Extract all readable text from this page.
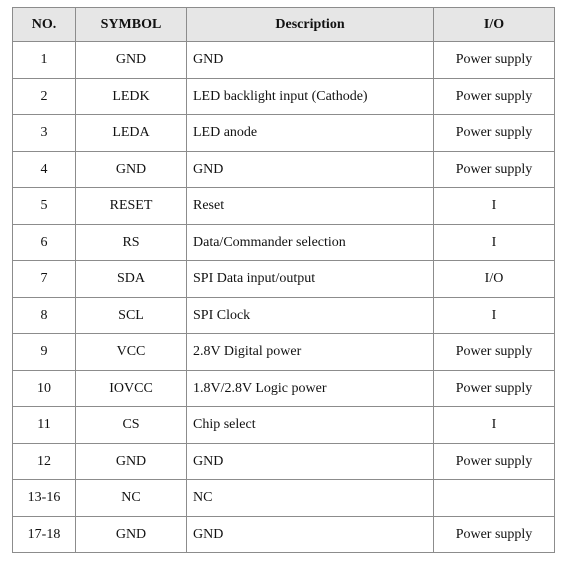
NO.	SYMBOL	Description	I/O
1	GND	GND	Power supply
2	LEDK	LED backlight input (Cathode)	Power supply
3	LEDA	LED anode	Power supply
4	GND	GND	Power supply
5	RESET	Reset	I
6	RS	Data/Commander selection	I
7	SDA	SPI Data input/output	I/O
8	SCL	SPI Clock	I
9	VCC	2.8V Digital power	Power supply
10	IOVCC	1.8V/2.8V Logic power	Power supply
11	CS	Chip select	I
12	GND	GND	Power supply
13-16	NC	NC	
17-18	GND	GND	Power supply
